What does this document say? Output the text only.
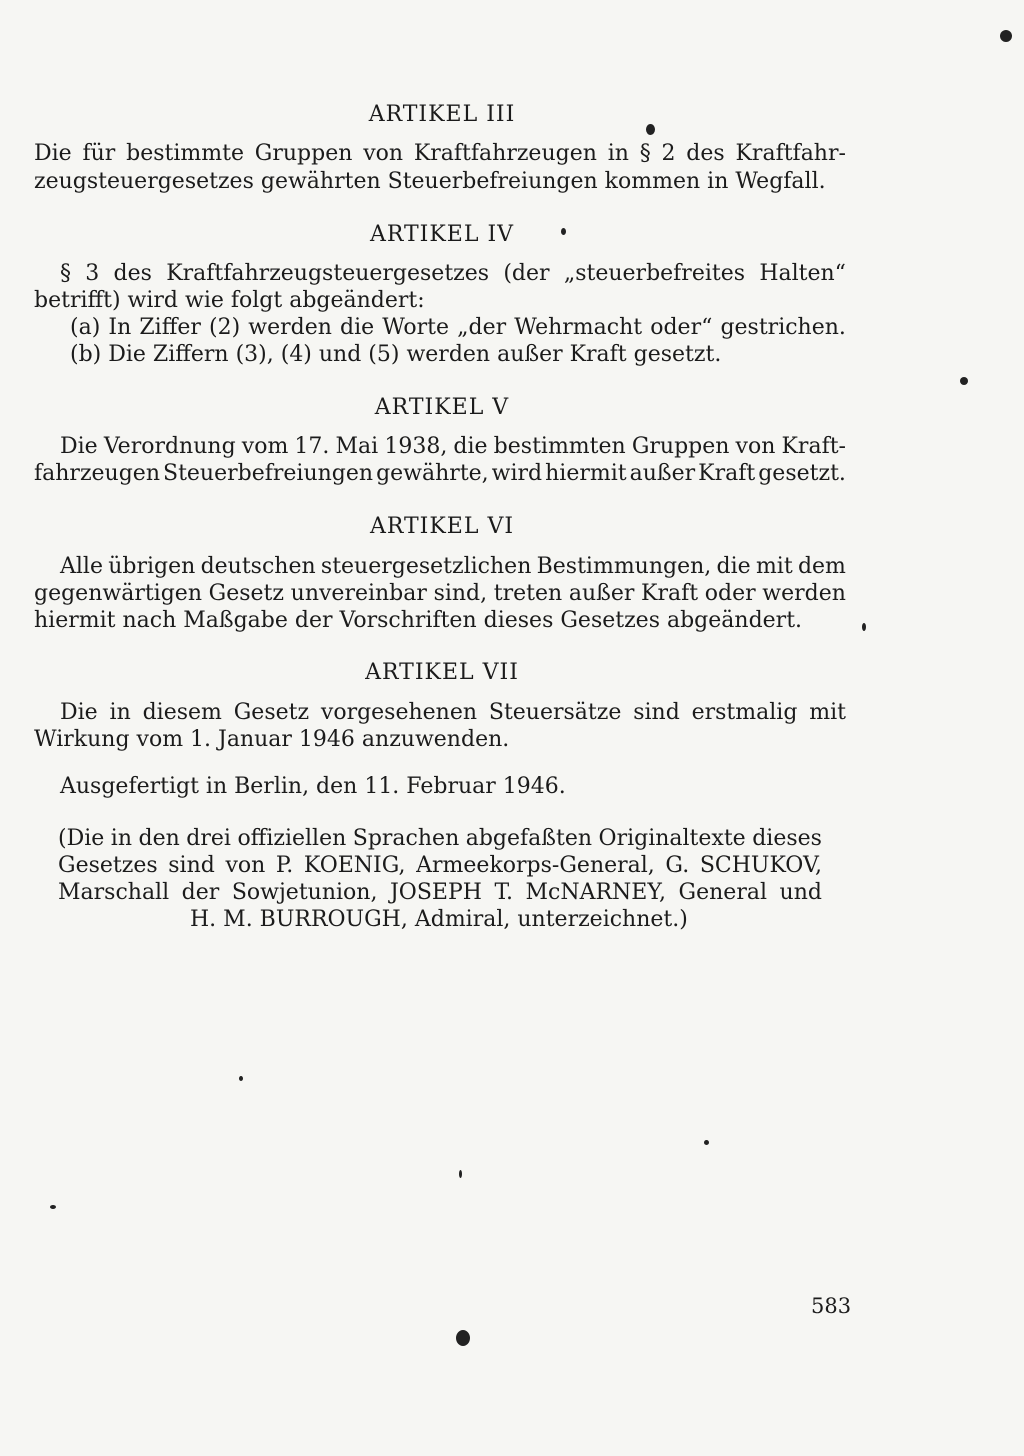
ARTIKEL III
Die für bestimmte Gruppen von Kraftfahrzeugen in § 2 des Kraftfahr-
zeugsteuergesetzes gewährten Steuerbefreiungen kommen in Wegfall.
ARTIKEL IV
§ 3 des Kraftfahrzeugsteuergesetzes (der „steuerbefreites Halten“
betrifft) wird wie folgt abgeändert:
(a) In Ziffer (2) werden die Worte „der Wehrmacht oder“ gestrichen.
(b) Die Ziffern (3), (4) und (5) werden außer Kraft gesetzt.
ARTIKEL V
Die Verordnung vom 17. Mai 1938, die bestimmten Gruppen von Kraft-
fahrzeugen Steuerbefreiungen gewährte, wird hiermit außer Kraft gesetzt.
ARTIKEL VI
Alle übrigen deutschen steuergesetzlichen Bestimmungen, die mit dem
gegenwärtigen Gesetz unvereinbar sind, treten außer Kraft oder werden
hiermit nach Maßgabe der Vorschriften dieses Gesetzes abgeändert.
ARTIKEL VII
Die in diesem Gesetz vorgesehenen Steuersätze sind erstmalig mit
Wirkung vom 1. Januar 1946 anzuwenden.
Ausgefertigt in Berlin, den 11. Februar 1946.
(Die in den drei offiziellen Sprachen abgefaßten Originaltexte dieses
Gesetzes sind von P. KOENIG, Armeekorps-General, G. SCHUKOV,
Marschall der Sowjetunion, JOSEPH T. McNARNEY, General und
H. M. BURROUGH, Admiral, unterzeichnet.)
583
